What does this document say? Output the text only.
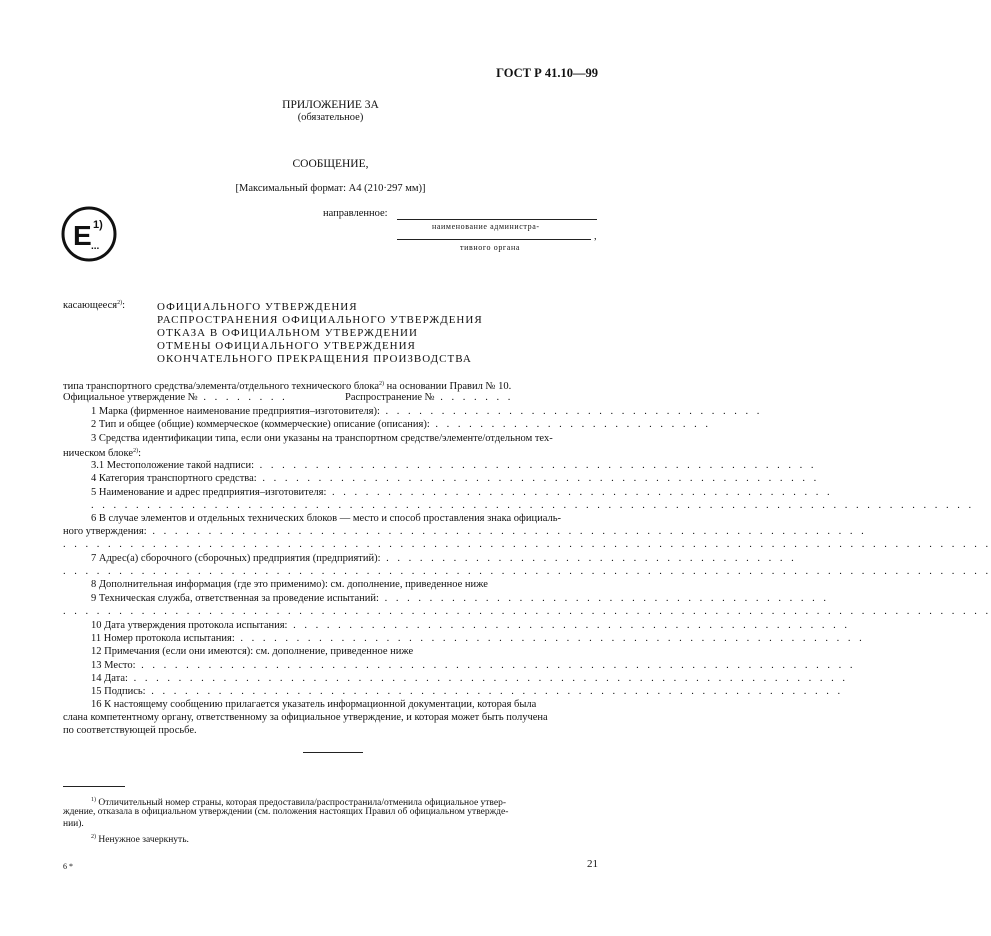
ГОСТ Р 41.10—99
ПРИЛОЖЕНИЕ 3А
(обязательное)
СООБЩЕНИЕ,
[Максимальный формат: А4 (210·297 мм)]
E 1)
...
направленное:
наименование администра-
,
тивного органа
касающееся$^{2)}$:	ОФИЦИАЛЬНОГО УТВЕРЖДЕНИЯ
РАСПРОСТРАНЕНИЯ ОФИЦИАЛЬНОГО УТВЕРЖДЕНИЯ
ОТКАЗА В ОФИЦИАЛЬНОМ УТВЕРЖДЕНИИ
ОТМЕНЫ ОФИЦИАЛЬНОГО УТВЕРЖДЕНИЯ
ОКОНЧАТЕЛЬНОГО ПРЕКРАЩЕНИЯ ПРОИЗВОДСТВА
типа транспортного средства/элемента/отдельного технического блока$^{2)}$ на основании Правил № 10.
Официальное утверждение № . . . . . . . .	Распространение № . . . . . . .
1 Марка (фирменное наименование предприятия–изготовителя): . . . . . . . . . . . . . . . . . . . . . . . . . . . . . . . . . .
2 Тип и общее (общие) коммерческое (коммерческие) описание (описания): . . . . . . . . . . . . . . . . . . . . . . . . .
3 Средства идентификации типа, если они указаны на транспортном средстве/элементе/отдельном тех-
ническом блоке$^{2)}$:
3.1 Местоположение такой надписи: . . . . . . . . . . . . . . . . . . . . . . . . . . . . . . . . . . . . . . . . . . . . . . . . . .
4 Категория транспортного средства: . . . . . . . . . . . . . . . . . . . . . . . . . . . . . . . . . . . . . . . . . . . . . . . . . .
5 Наименование и адрес предприятия–изготовителя: . . . . . . . . . . . . . . . . . . . . . . . . . . . . . . . . . . . . . . . . . . . . .
. . . . . . . . . . . . . . . . . . . . . . . . . . . . . . . . . . . . . . . . . . . . . . . . . . . . . . . . . . . . . . . . . . . . . . . . . . . . . . .
6 В случае элементов и отдельных технических блоков — место и способ проставления знака официаль-
ного утверждения: . . . . . . . . . . . . . . . . . . . . . . . . . . . . . . . . . . . . . . . . . . . . . . . . . . . . . . . . . . . . . . . .
. . . . . . . . . . . . . . . . . . . . . . . . . . . . . . . . . . . . . . . . . . . . . . . . . . . . . . . . . . . . . . . . . . . . . . . . . . . . . . . . . . .
7 Адрес(а) сборочного (сборочных) предприятия (предприятий): . . . . . . . . . . . . . . . . . . . . . . . . . . . . . . . . . . . . .
. . . . . . . . . . . . . . . . . . . . . . . . . . . . . . . . . . . . . . . . . . . . . . . . . . . . . . . . . . . . . . . . . . . . . . . . . . . . . . . . . . .
8 Дополнительная информация (где это применимо): см. дополнение, приведенное ниже
9 Техническая служба, ответственная за проведение испытаний: . . . . . . . . . . . . . . . . . . . . . . . . . . . . . . . . . . . . . . . .
. . . . . . . . . . . . . . . . . . . . . . . . . . . . . . . . . . . . . . . . . . . . . . . . . . . . . . . . . . . . . . . . . . . . . . . . . . . . . . . . . . .
10 Дата утверждения протокола испытания: . . . . . . . . . . . . . . . . . . . . . . . . . . . . . . . . . . . . . . . . . . . . . . . . . .
11 Номер протокола испытания: . . . . . . . . . . . . . . . . . . . . . . . . . . . . . . . . . . . . . . . . . . . . . . . . . . . . . . . .
12 Примечания (если они имеются): см. дополнение, приведенное ниже
13 Место: . . . . . . . . . . . . . . . . . . . . . . . . . . . . . . . . . . . . . . . . . . . . . . . . . . . . . . . . . . . . . . . .
14 Дата: . . . . . . . . . . . . . . . . . . . . . . . . . . . . . . . . . . . . . . . . . . . . . . . . . . . . . . . . . . . . . . . .
15 Подпись: . . . . . . . . . . . . . . . . . . . . . . . . . . . . . . . . . . . . . . . . . . . . . . . . . . . . . . . . . . . . . .
16 К настоящему сообщению прилагается указатель информационной документации, которая была
слана компетентному органу, ответственному за официальное утверждение, и которая может быть получена
по соответствующей просьбе.
$^{1)}$ Отличительный номер страны, которая предоставила/распространила/отменила официальное утвер-
ждение, отказала в официальном утверждении (см. положения настоящих Правил об официальном утвержде-
нии).
$^{2)}$ Ненужное зачеркнуть.
6 *	21
